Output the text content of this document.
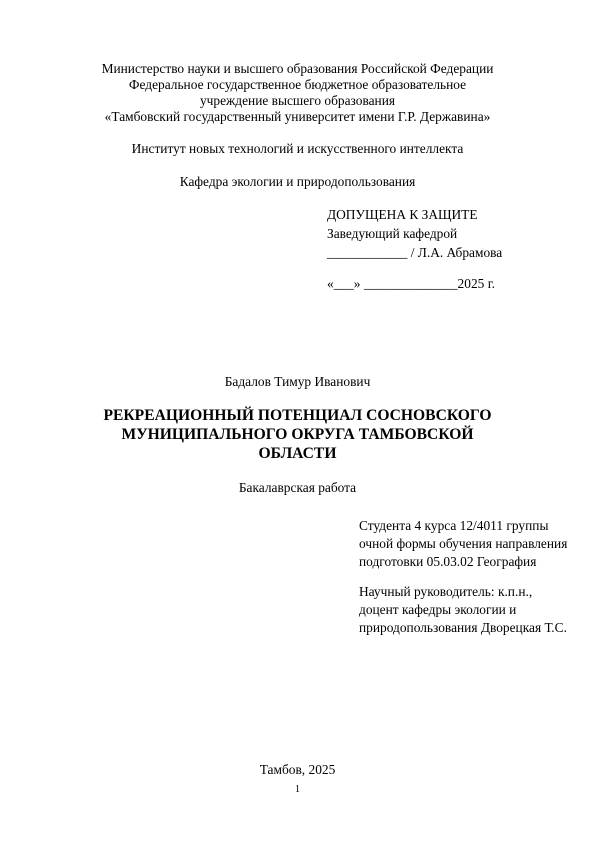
Министерство науки и высшего образования Российской Федерации
Федеральное государственное бюджетное образовательное
учреждение высшего образования
«Тамбовский государственный университет имени Г.Р. Державина»
Институт новых технологий и искусственного интеллекта
Кафедра экологии и природопользования
ДОПУЩЕНА К ЗАЩИТЕ
Заведующий кафедрой
____________ / Л.А. Абрамова
«___» ______________2025 г.
Бадалов Тимур Иванович
РЕКРЕАЦИОННЫЙ ПОТЕНЦИАЛ СОСНОВСКОГО
МУНИЦИПАЛЬНОГО ОКРУГА ТАМБОВСКОЙ
ОБЛАСТИ
Бакалаврская работа
Студента 4 курса 12/4011 группы
очной формы обучения направления
подготовки 05.03.02 География
Научный руководитель: к.п.н.,
доцент кафедры экологии и
природопользования Дворецкая Т.С.
Тамбов, 2025
1
